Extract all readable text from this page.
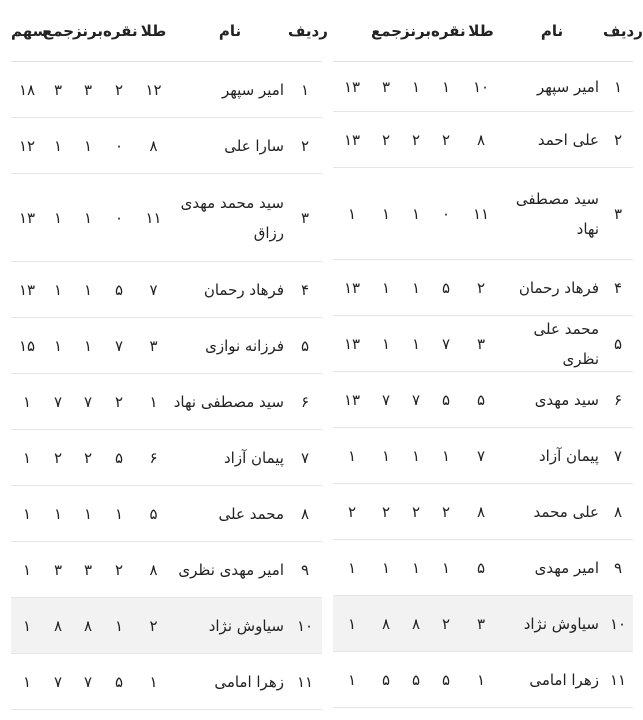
ردیف
نام
طلا
نقره
برنز
جمع
سهم
۱
امیر سپهر
۱۲
۲
۳
۳
۱۸
۲
سارا علی
۸
۰
۱
۱
۱۲
۳
سید محمد مهدی رزاق
۱۱
۰
۱
۱
۱۳
۴
فرهاد رحمان
۷
۵
۱
۱
۱۳
۵
فرزانه نوازی
۳
۷
۱
۱
۱۵
۶
سید مصطفی نهاد
۱
۲
۷
۷
۱
۷
پیمان آزاد
۶
۵
۲
۲
۱
۸
محمد علی
۵
۱
۱
۱
۱
۹
امیر مهدی نظری
۸
۲
۳
۳
۱
۱۰
سیاوش نژاد
۲
۱
۸
۸
۱
۱۱
زهرا امامی
۱
۵
۷
۷
۱
ردیف
نام
طلا
نقره
برنز
جمع
۱
امیر سپهر
۱۰
۱
۱
۳
۱۳
۲
علی احمد
۸
۲
۲
۲
۱۳
۳
سید مصطفی نهاد
۱۱
۰
۱
۱
۱
۴
فرهاد رحمان
۲
۵
۱
۱
۱۳
۵
محمد علی نظری
۳
۷
۱
۱
۱۳
۶
سید مهدی
۵
۵
۷
۷
۱۳
۷
پیمان آزاد
۷
۱
۱
۱
۱
۸
علی محمد
۸
۲
۲
۲
۲
۹
امیر مهدی
۵
۱
۱
۱
۱
۱۰
سیاوش نژاد
۳
۲
۸
۸
۱
۱۱
زهرا امامی
۱
۵
۵
۵
۱
